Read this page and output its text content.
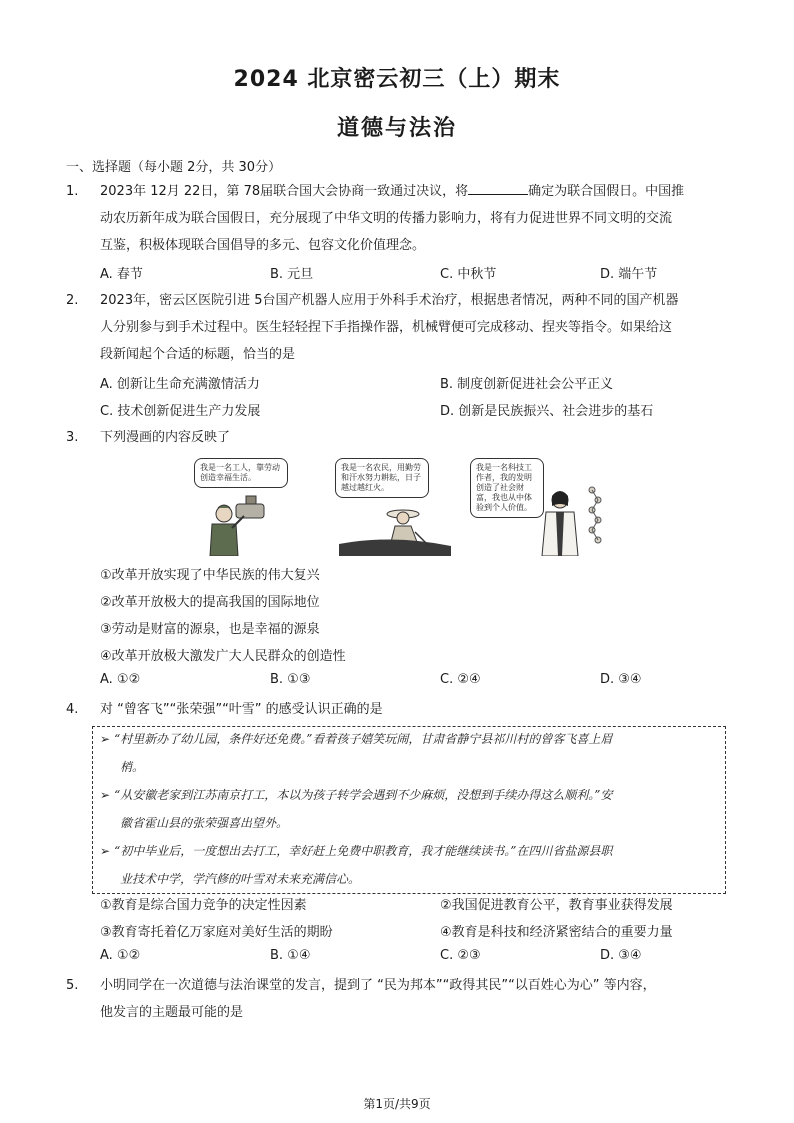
2024 北京密云初三（上）期末
道德与法治
一、选择题（每小题 2分，共 30分）
1.	2023年 12月 22日，第 78届联合国大会协商一致通过决议，将	确定为联合国假日。中国推
动农历新年成为联合国假日，充分展现了中华文明的传播力影响力，将有力促进世界不同文明的交流
互鉴，积极体现联合国倡导的多元、包容文化价值理念。
A. 春节	B. 元旦	C. 中秋节	D. 端午节
2.	2023年，密云区医院引进 5台国产机器人应用于外科手术治疗，根据患者情况，两种不同的国产机器
人分别参与到手术过程中。医生轻轻捏下手指操作器，机械臂便可完成移动、捏夹等指令。如果给这
段新闻起个合适的标题，恰当的是
A. 创新让生命充满激情活力	B. 制度创新促进社会公平正义
C. 技术创新促进生产力发展	D. 创新是民族振兴、社会进步的基石
3.	下列漫画的内容反映了
我是一名工人，靠劳动创造幸福生活。
我是一名农民，用勤劳和汗水努力耕耘，日子越过越红火。
我是一名科技工作者，我的发明创造了社会财富，我也从中体验到个人价值。
①改革开放实现了中华民族的伟大复兴
②改革开放极大的提高我国的国际地位
③劳动是财富的源泉，也是幸福的源泉
④改革开放极大激发广大人民群众的创造性
A. ①②	B. ①③	C. ②④	D. ③④
4.	对 “曾客飞”“张荣强”“叶雪” 的感受认识正确的是
➢ “村里新办了幼儿园，条件好还免费。”看着孩子嬉笑玩闹，甘肃省静宁县祁川村的曾客飞喜上眉
梢。
➢ “从安徽老家到江苏南京打工，本以为孩子转学会遇到不少麻烦，没想到手续办得这么顺利。”安
徽省霍山县的张荣强喜出望外。
➢ “初中毕业后，一度想出去打工，幸好赶上免费中职教育，我才能继续读书。”在四川省盐源县职
业技术中学，学汽修的叶雪对未来充满信心。
①教育是综合国力竞争的决定性因素	②我国促进教育公平，教育事业获得发展
③教育寄托着亿万家庭对美好生活的期盼	④教育是科技和经济紧密结合的重要力量
A. ①②	B. ①④	C. ②③	D. ③④
5.	小明同学在一次道德与法治课堂的发言，提到了 “民为邦本”“政得其民”“以百姓心为心” 等内容，
他发言的主题最可能的是
第1页/共9页
